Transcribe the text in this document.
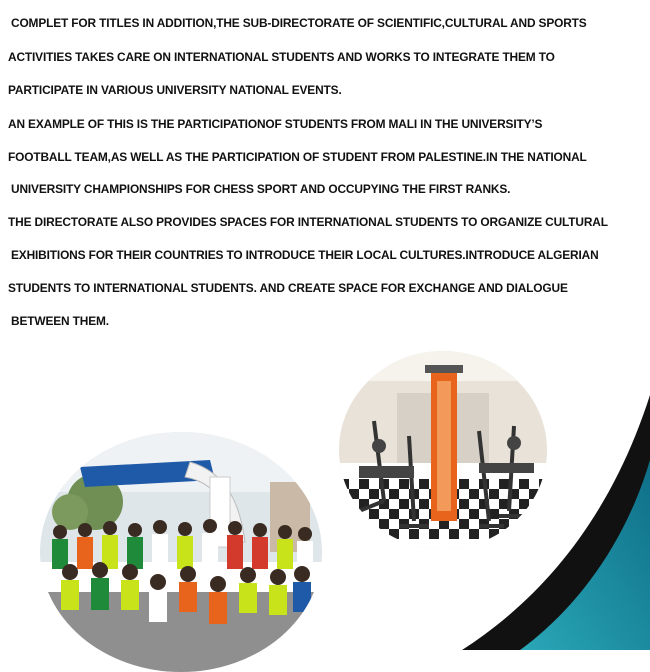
COMPLET FOR TITLES IN ADDITION,THE SUB-DIRECTORATE OF SCIENTIFIC,CULTURAL AND SPORTS
ACTIVITIES TAKES CARE ON INTERNATIONAL STUDENTS AND WORKS TO INTEGRATE THEM TO
PARTICIPATE IN VARIOUS UNIVERSITY NATIONAL EVENTS.
AN EXAMPLE OF THIS IS THE PARTICIPATIONOF STUDENTS FROM MALI IN THE UNIVERSITY’S
FOOTBALL TEAM,AS WELL AS THE PARTICIPATION OF STUDENT FROM PALESTINE.IN THE NATIONAL
UNIVERSITY CHAMPIONSHIPS FOR CHESS SPORT AND OCCUPYING THE FIRST RANKS.
THE DIRECTORATE ALSO PROVIDES SPACES FOR INTERNATIONAL STUDENTS TO ORGANIZE CULTURAL
EXHIBITIONS FOR THEIR COUNTRIES TO INTRODUCE THEIR LOCAL CULTURES.INTRODUCE ALGERIAN
STUDENTS TO INTERNATIONAL STUDENTS. AND CREATE SPACE FOR EXCHANGE AND DIALOGUE
BETWEEN THEM.
